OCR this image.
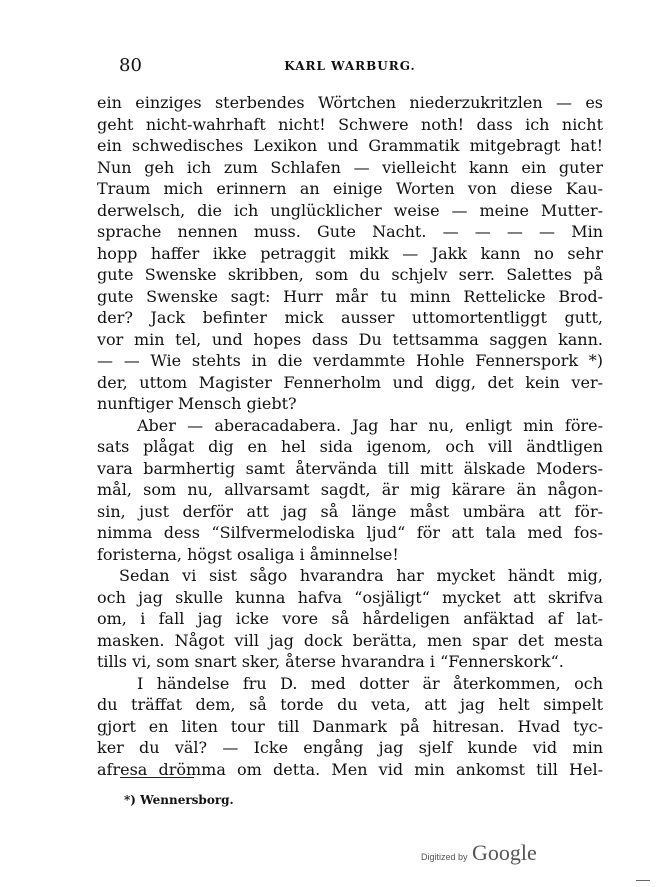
80	KARL WARBURG.
ein einziges sterbendes Wörtchen niederzukritzlen — es
geht nicht-wahrhaft nicht! Schwere noth! dass ich nicht
ein schwedisches Lexikon und Grammatik mitgebragt hat!
Nun geh ich zum Schlafen — vielleicht kann ein guter
Traum mich erinnern an einige Worten von diese Kau-
derwelsch, die ich unglücklicher weise — meine Mutter-
sprache nennen muss. Gute Nacht. — — — — Min
hopp haffer ikke petraggit mikk — Jakk kann no sehr
gute Swenske skribben, som du schjelv serr. Salettes på
gute Swenske sagt: Hurr mår tu minn Rettelicke Brod-
der? Jack befinter mick ausser uttomortentliggt gutt,
vor min tel, und hopes dass Du tettsamma saggen kann.
— — Wie stehts in die verdammte Hohle Fennerspork *)
der, uttom Magister Fennerholm und digg, det kein ver-
nunftiger Mensch giebt?
Aber — aberacadabera. Jag har nu, enligt min före-
sats plågat dig en hel sida igenom, och vill ändtligen
vara barmhertig samt återvända till mitt älskade Moders-
mål, som nu, allvarsamt sagdt, är mig kärare än någon-
sin, just derför att jag så länge måst umbära att för-
nimma dess “Silfvermelodiska ljud“ för att tala med fos-
foristerna, högst osaliga i åminnelse!
Sedan vi sist sågo hvarandra har mycket händt mig,
och jag skulle kunna hafva “osjäligt“ mycket att skrifva
om, i fall jag icke vore så hårdeligen anfäktad af lat-
masken. Något vill jag dock berätta, men spar det mesta
tills vi, som snart sker, återse hvarandra i “Fennerskork“.
I händelse fru D. med dotter är återkommen, och
du träffat dem, så torde du veta, att jag helt simpelt
gjort en liten tour till Danmark på hitresan. Hvad tyc-
ker du väl? — Icke engång jag sjelf kunde vid min
afresa drömma om detta. Men vid min ankomst till Hel-
*) Wennersborg.
Digitized by Google
